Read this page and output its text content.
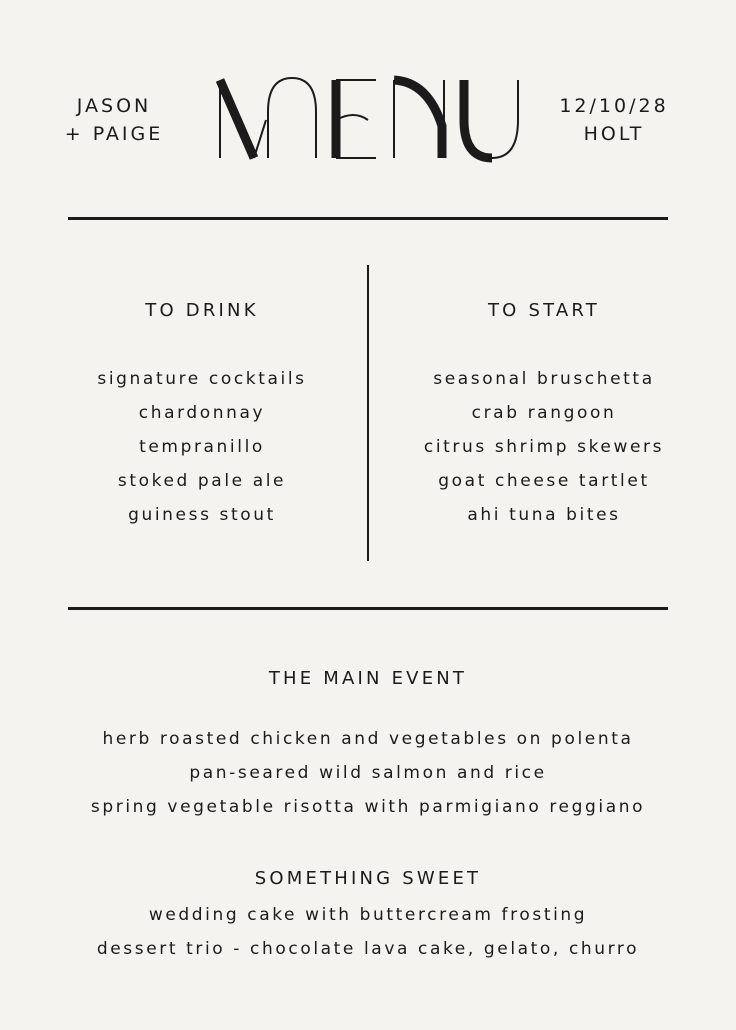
JASON
+ PAIGE
12/10/28
HOLT
TO DRINK
signature cocktails
chardonnay
tempranillo
stoked pale ale
guiness stout
TO START
seasonal bruschetta
crab rangoon
citrus shrimp skewers
goat cheese tartlet
ahi tuna bites
THE MAIN EVENT
herb roasted chicken and vegetables on polenta
pan-seared wild salmon and rice
spring vegetable risotta with parmigiano reggiano
SOMETHING SWEET
wedding cake with buttercream frosting
dessert trio - chocolate lava cake, gelato, churro
